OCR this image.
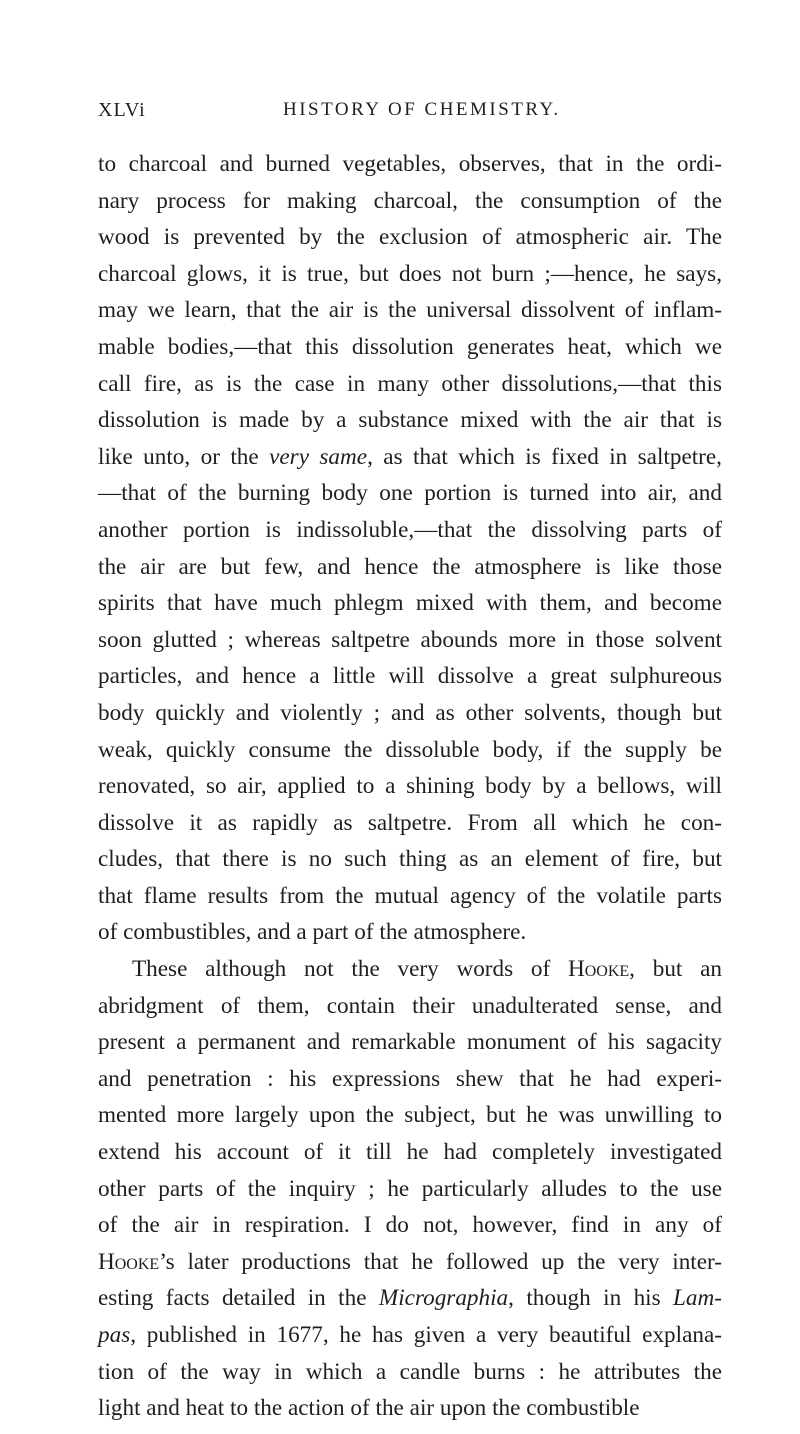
XLVi	HISTORY OF CHEMISTRY.
to charcoal and burned vegetables, observes, that in the ordi-
nary process for making charcoal, the consumption of the
wood is prevented by the exclusion of atmospheric air. The
charcoal glows, it is true, but does not burn ;—hence, he says,
may we learn, that the air is the universal dissolvent of inflam-
mable bodies,—that this dissolution generates heat, which we
call fire, as is the case in many other dissolutions,—that this
dissolution is made by a substance mixed with the air that is
like unto, or the very same, as that which is fixed in saltpetre,
—that of the burning body one portion is turned into air, and
another portion is indissoluble,—that the dissolving parts of
the air are but few, and hence the atmosphere is like those
spirits that have much phlegm mixed with them, and become
soon glutted ; whereas saltpetre abounds more in those solvent
particles, and hence a little will dissolve a great sulphureous
body quickly and violently ; and as other solvents, though but
weak, quickly consume the dissoluble body, if the supply be
renovated, so air, applied to a shining body by a bellows, will
dissolve it as rapidly as saltpetre. From all which he con-
cludes, that there is no such thing as an element of fire, but
that flame results from the mutual agency of the volatile parts
of combustibles, and a part of the atmosphere.
These although not the very words of Hooke, but an
abridgment of them, contain their unadulterated sense, and
present a permanent and remarkable monument of his sagacity
and penetration : his expressions shew that he had experi-
mented more largely upon the subject, but he was unwilling to
extend his account of it till he had completely investigated
other parts of the inquiry ; he particularly alludes to the use
of the air in respiration. I do not, however, find in any of
Hooke’s later productions that he followed up the very inter-
esting facts detailed in the Micrographia, though in his Lam-
pas, published in 1677, he has given a very beautiful explana-
tion of the way in which a candle burns : he attributes the
light and heat to the action of the air upon the combustible
